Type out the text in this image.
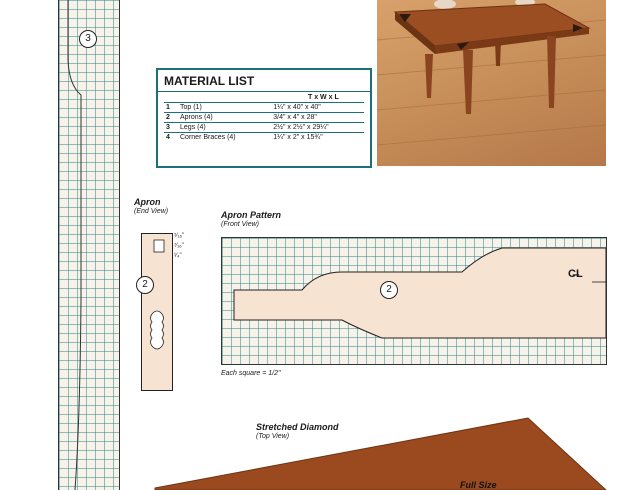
3
MATERIAL LIST
T x W x L
1	Top (1)	1¼" x 40" x 40"
2	Aprons (4)	3/4" x 4" x 28"
3	Legs (4)	2½" x 2½" x 29¼"
4	Corner Braces (4)	1¼" x 2" x 15¾"
Apron
(End View)
2
⁵⁄₁₆"
⁷⁄₁₆"
¹⁄₄"
Apron Pattern
(Front View)
2
C̶L
Each square = 1/2"
Stretched Diamond
(Top View)
Full Size
